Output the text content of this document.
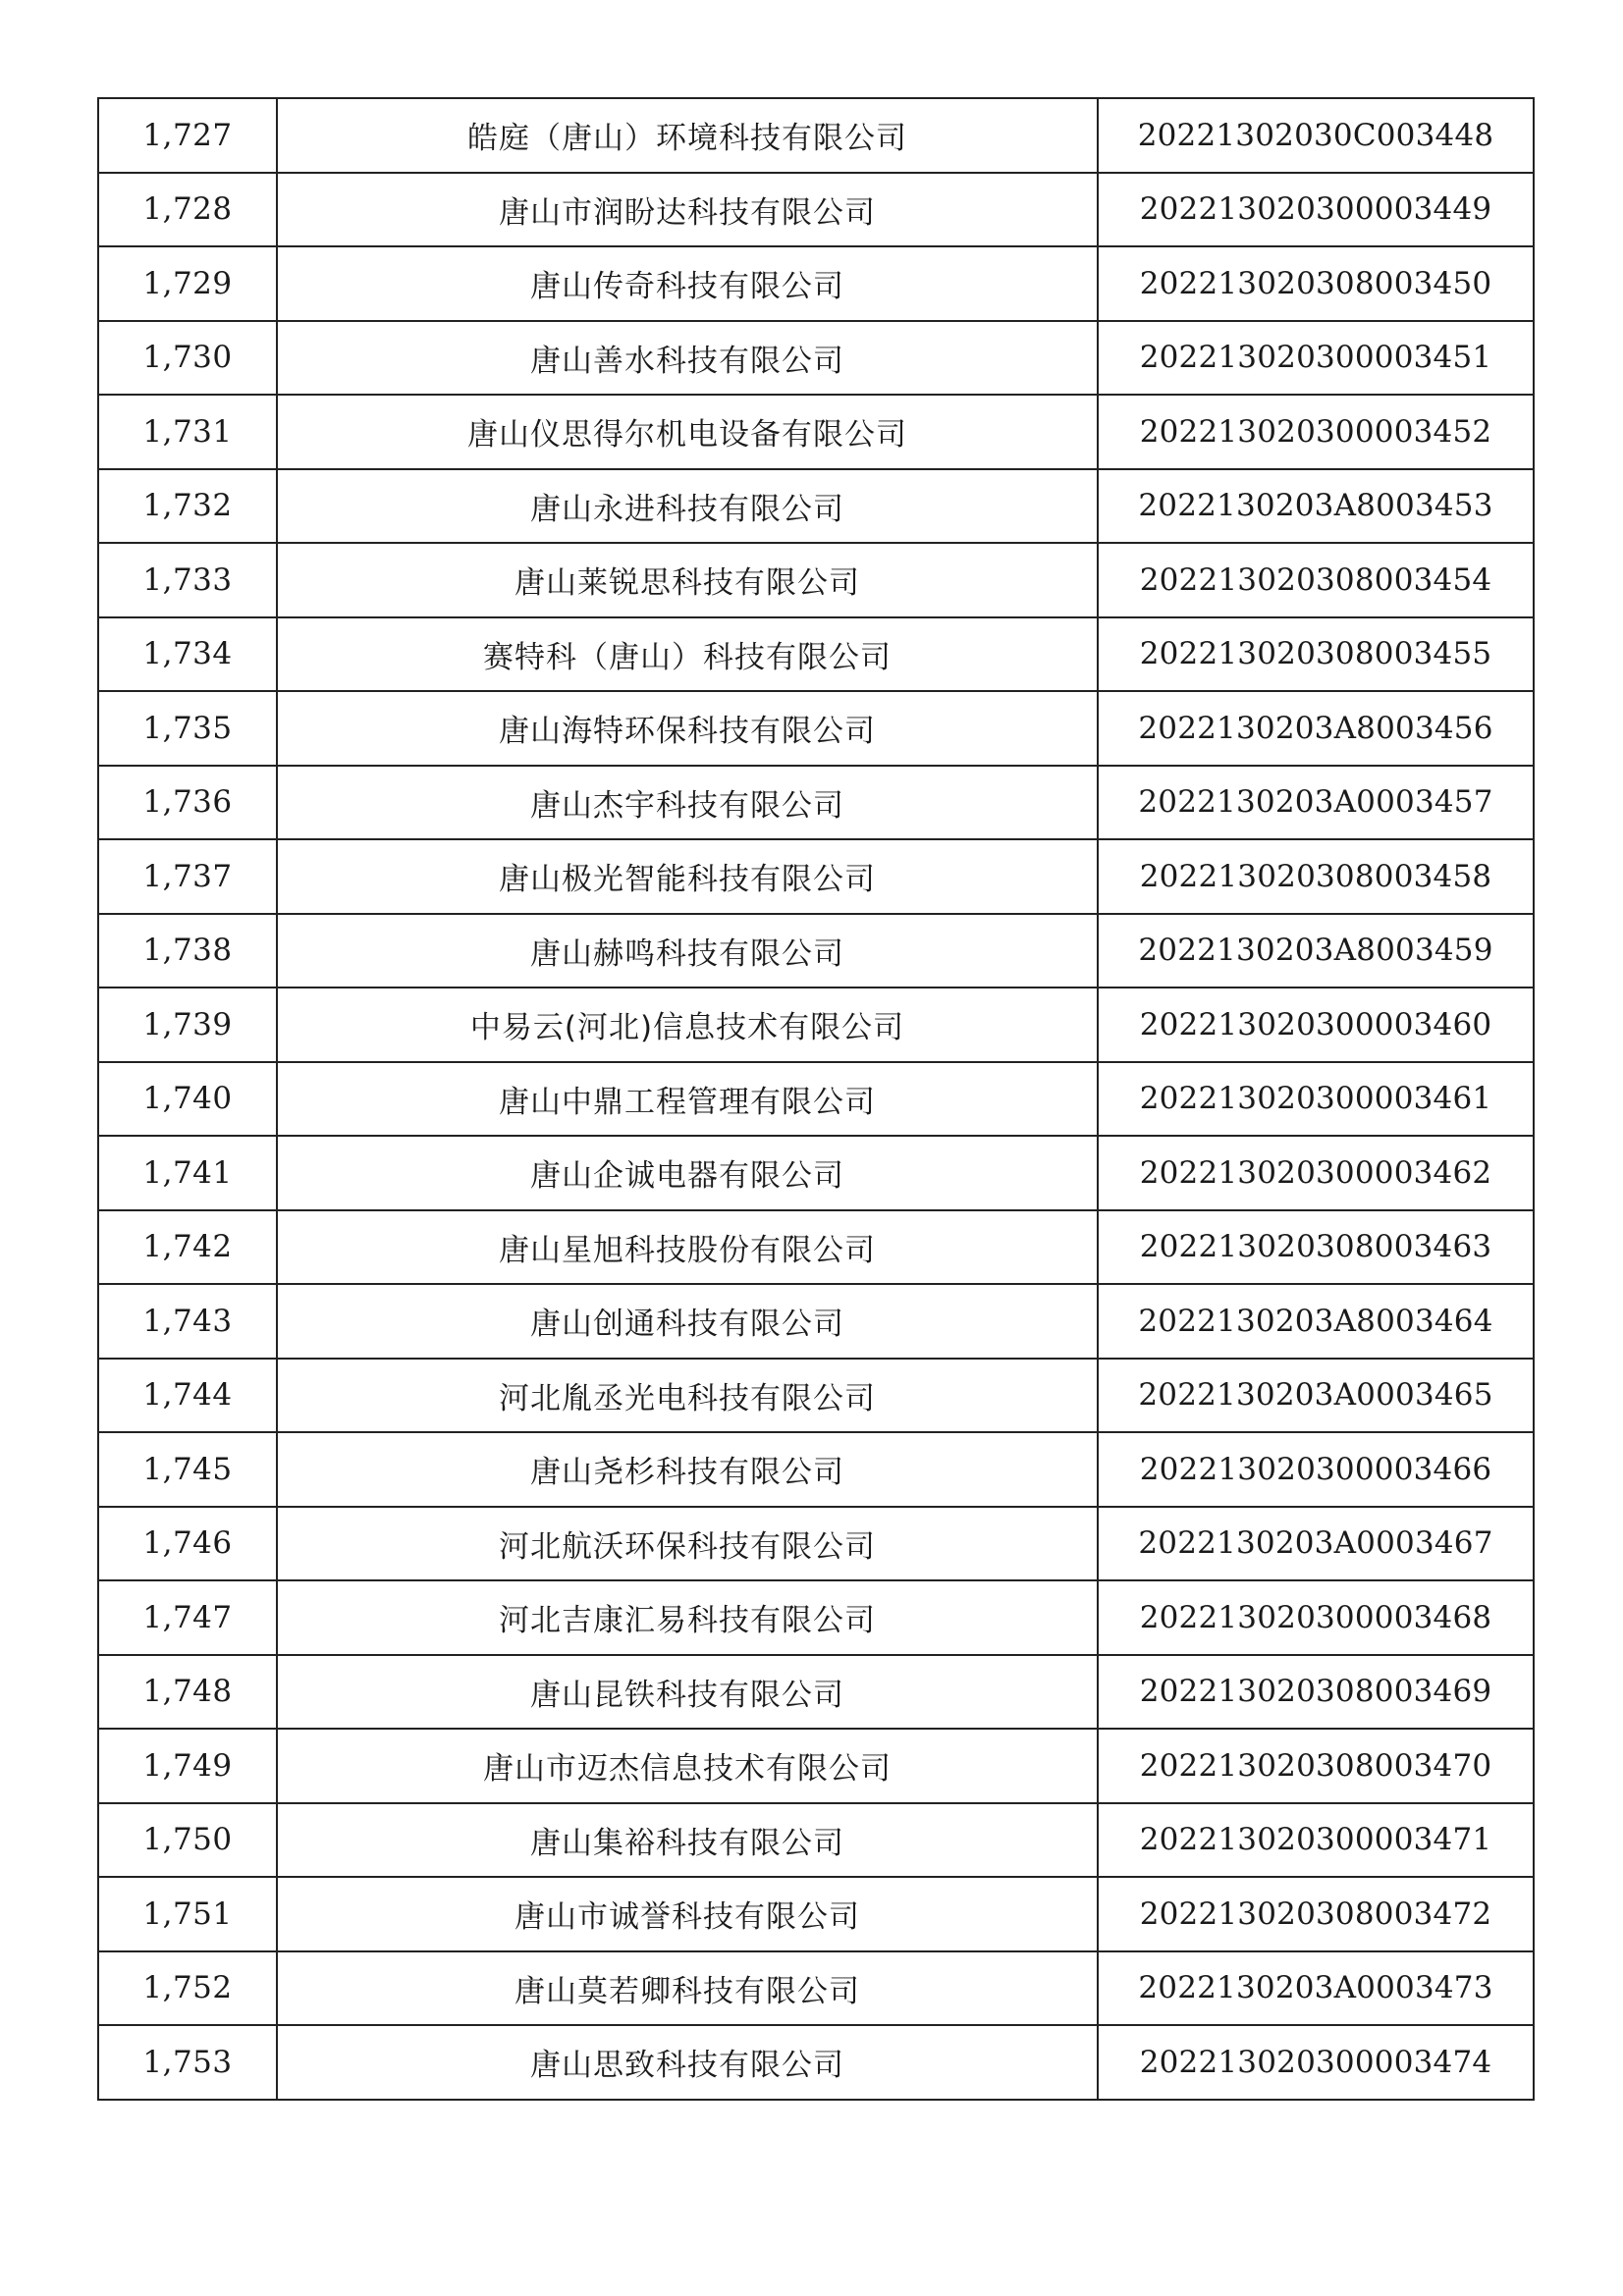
1,727	皓庭（唐山）环境科技有限公司	20221302030C003448
1,728	唐山市润盼达科技有限公司	202213020300003449
1,729	唐山传奇科技有限公司	202213020308003450
1,730	唐山善水科技有限公司	202213020300003451
1,731	唐山仪思得尔机电设备有限公司	202213020300003452
1,732	唐山永进科技有限公司	2022130203A8003453
1,733	唐山莱锐思科技有限公司	202213020308003454
1,734	赛特科（唐山）科技有限公司	202213020308003455
1,735	唐山海特环保科技有限公司	2022130203A8003456
1,736	唐山杰宇科技有限公司	2022130203A0003457
1,737	唐山极光智能科技有限公司	202213020308003458
1,738	唐山赫鸣科技有限公司	2022130203A8003459
1,739	中易云(河北)信息技术有限公司	202213020300003460
1,740	唐山中鼎工程管理有限公司	202213020300003461
1,741	唐山企诚电器有限公司	202213020300003462
1,742	唐山星旭科技股份有限公司	202213020308003463
1,743	唐山创通科技有限公司	2022130203A8003464
1,744	河北胤丞光电科技有限公司	2022130203A0003465
1,745	唐山尧杉科技有限公司	202213020300003466
1,746	河北航沃环保科技有限公司	2022130203A0003467
1,747	河北吉康汇易科技有限公司	202213020300003468
1,748	唐山昆铁科技有限公司	202213020308003469
1,749	唐山市迈杰信息技术有限公司	202213020308003470
1,750	唐山集裕科技有限公司	202213020300003471
1,751	唐山市诚誉科技有限公司	202213020308003472
1,752	唐山莫若卿科技有限公司	2022130203A0003473
1,753	唐山思致科技有限公司	202213020300003474
